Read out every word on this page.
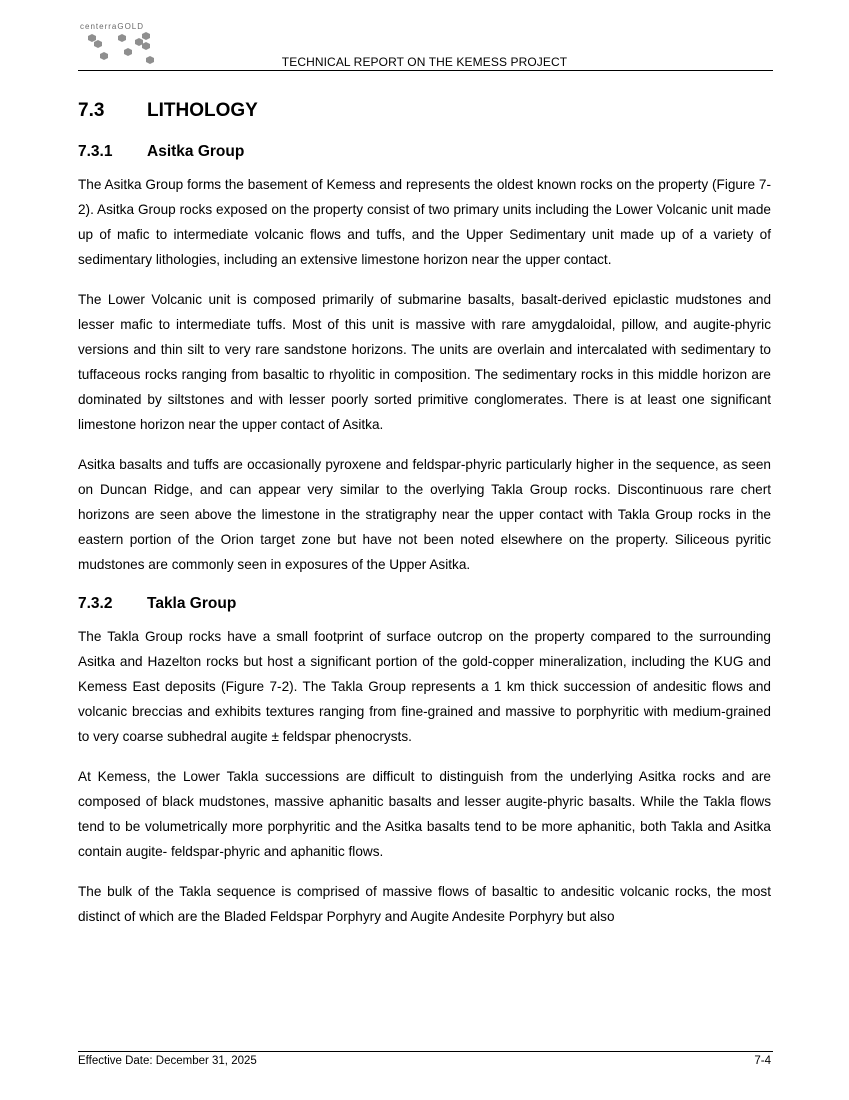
centerraGOLD
TECHNICAL REPORT ON THE KEMESS PROJECT
7.3	LITHOLOGY
7.3.1	Asitka Group

The Asitka Group forms the basement of Kemess and represents the oldest known rocks on the property (Figure 7-2). Asitka Group rocks exposed on the property consist of two primary units including the Lower Volcanic unit made up of mafic to intermediate volcanic flows and tuffs, and the Upper Sedimentary unit made up of a variety of sedimentary lithologies, including an extensive limestone horizon near the upper contact.

The Lower Volcanic unit is composed primarily of submarine basalts, basalt-derived epiclastic mudstones and lesser mafic to intermediate tuffs. Most of this unit is massive with rare amygdaloidal, pillow, and augite-phyric versions and thin silt to very rare sandstone horizons. The units are overlain and intercalated with sedimentary to tuffaceous rocks ranging from basaltic to rhyolitic in composition. The sedimentary rocks in this middle horizon are dominated by siltstones and with lesser poorly sorted primitive conglomerates. There is at least one significant limestone horizon near the upper contact of Asitka.

Asitka basalts and tuffs are occasionally pyroxene and feldspar-phyric particularly higher in the sequence, as seen on Duncan Ridge, and can appear very similar to the overlying Takla Group rocks. Discontinuous rare chert horizons are seen above the limestone in the stratigraphy near the upper contact with Takla Group rocks in the eastern portion of the Orion target zone but have not been noted elsewhere on the property. Siliceous pyritic mudstones are commonly seen in exposures of the Upper Asitka.

7.3.2	Takla Group

The Takla Group rocks have a small footprint of surface outcrop on the property compared to the surrounding Asitka and Hazelton rocks but host a significant portion of the gold-copper mineralization, including the KUG and Kemess East deposits (Figure 7-2). The Takla Group represents a 1 km thick succession of andesitic flows and volcanic breccias and exhibits textures ranging from fine-grained and massive to porphyritic with medium-grained to very coarse subhedral augite ± feldspar phenocrysts.

At Kemess, the Lower Takla successions are difficult to distinguish from the underlying Asitka rocks and are composed of black mudstones, massive aphanitic basalts and lesser augite-phyric basalts. While the Takla flows tend to be volumetrically more porphyritic and the Asitka basalts tend to be more aphanitic, both Takla and Asitka contain augite- feldspar-phyric and aphanitic flows.

The bulk of the Takla sequence is comprised of massive flows of basaltic to andesitic volcanic rocks, the most distinct of which are the Bladed Feldspar Porphyry and Augite Andesite Porphyry but also

Effective Date: December 31, 2025	7-4
